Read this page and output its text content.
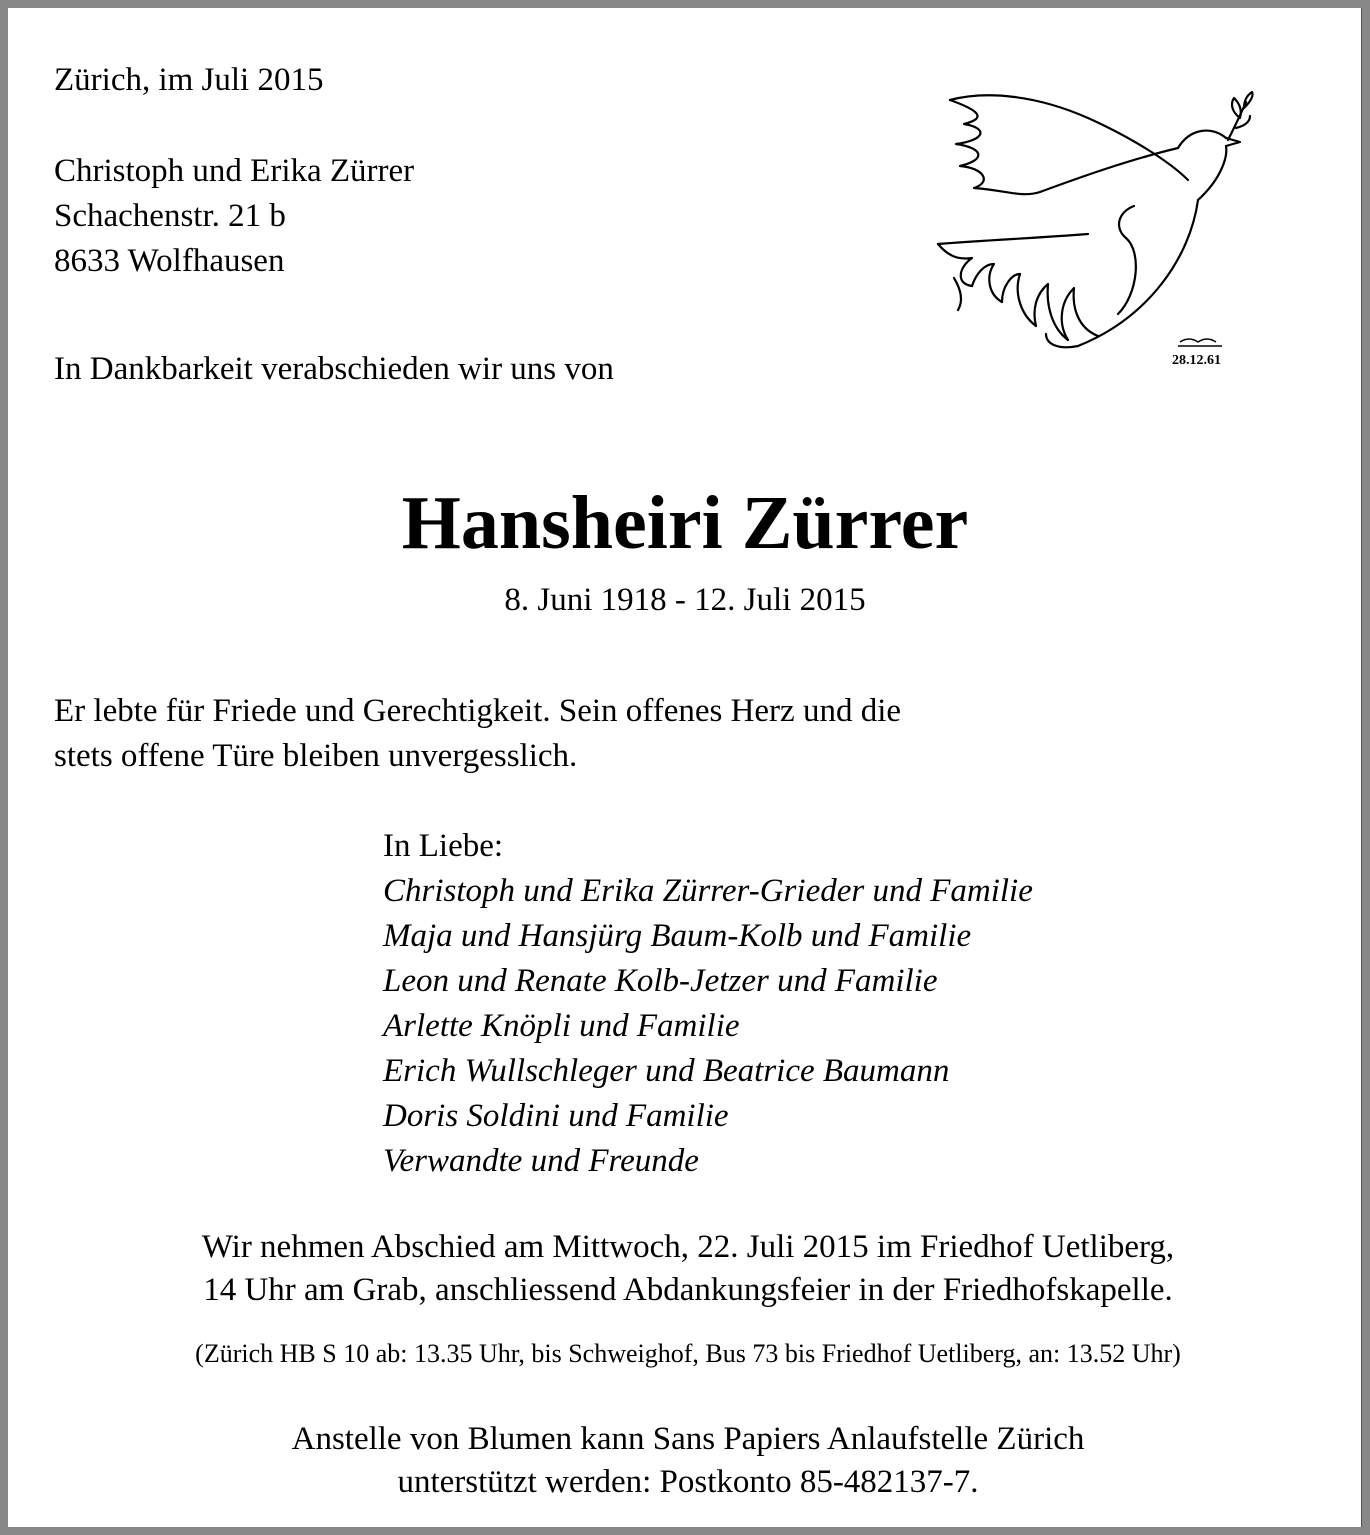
Zürich, im Juli 2015
Christoph und Erika Zürrer
Schachenstr. 21 b
8633 Wolfhausen
In Dankbarkeit verabschieden wir uns von	28.12.61
Hansheiri Zürrer
8. Juni 1918 - 12. Juli 2015
Er lebte für Friede und Gerechtigkeit. Sein offenes Herz und die
stets offene Türe bleiben unvergesslich.
In Liebe:
Christoph und Erika Zürrer-Grieder und Familie
Maja und Hansjürg Baum-Kolb und Familie
Leon und Renate Kolb-Jetzer und Familie
Arlette Knöpli und Familie
Erich Wullschleger und Beatrice Baumann
Doris Soldini und Familie
Verwandte und Freunde
Wir nehmen Abschied am Mittwoch, 22. Juli 2015 im Friedhof Uetliberg,
14 Uhr am Grab, anschliessend Abdankungsfeier in der Friedhofskapelle.
(Zürich HB S 10 ab: 13.35 Uhr, bis Schweighof, Bus 73 bis Friedhof Uetliberg, an: 13.52 Uhr)
Anstelle von Blumen kann Sans Papiers Anlaufstelle Zürich
unterstützt werden: Postkonto 85-482137-7.
